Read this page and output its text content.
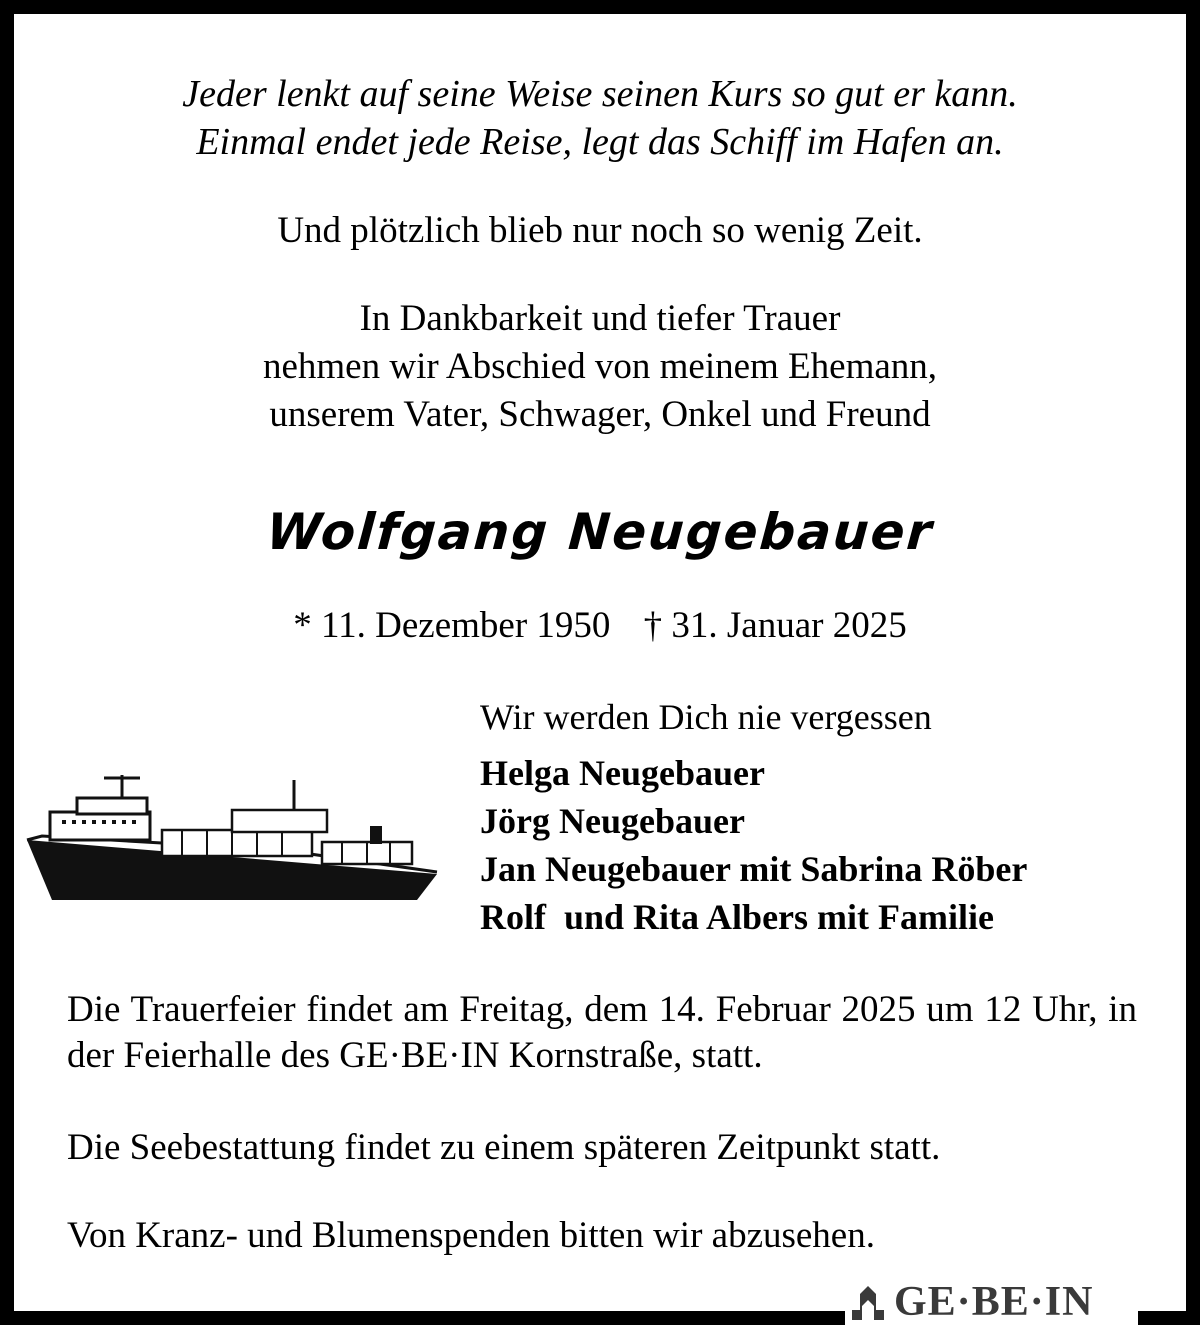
Jeder lenkt auf seine Weise seinen Kurs so gut er kann.
Einmal endet jede Reise, legt das Schiff im Hafen an.
Und plötzlich blieb nur noch so wenig Zeit.
In Dankbarkeit und tiefer Trauer
nehmen wir Abschied von meinem Ehemann,
unserem Vater, Schwager, Onkel und Freund
Wolfgang Neugebauer
* 11. Dezember 1950 † 31. Januar 2025
Wir werden Dich nie vergessen
Helga Neugebauer
Jörg Neugebauer
Jan Neugebauer mit Sabrina Röber
Rolf  und Rita Albers mit Familie
Die Trauerfeier findet am Freitag, dem 14. Februar 2025 um 12 Uhr, in der Feierhalle des GE·BE·IN Kornstraße, statt.
Die Seebestattung findet zu einem späteren Zeitpunkt statt.
Von Kranz- und Blumenspenden bitten wir abzusehen.
GE·BE·IN
